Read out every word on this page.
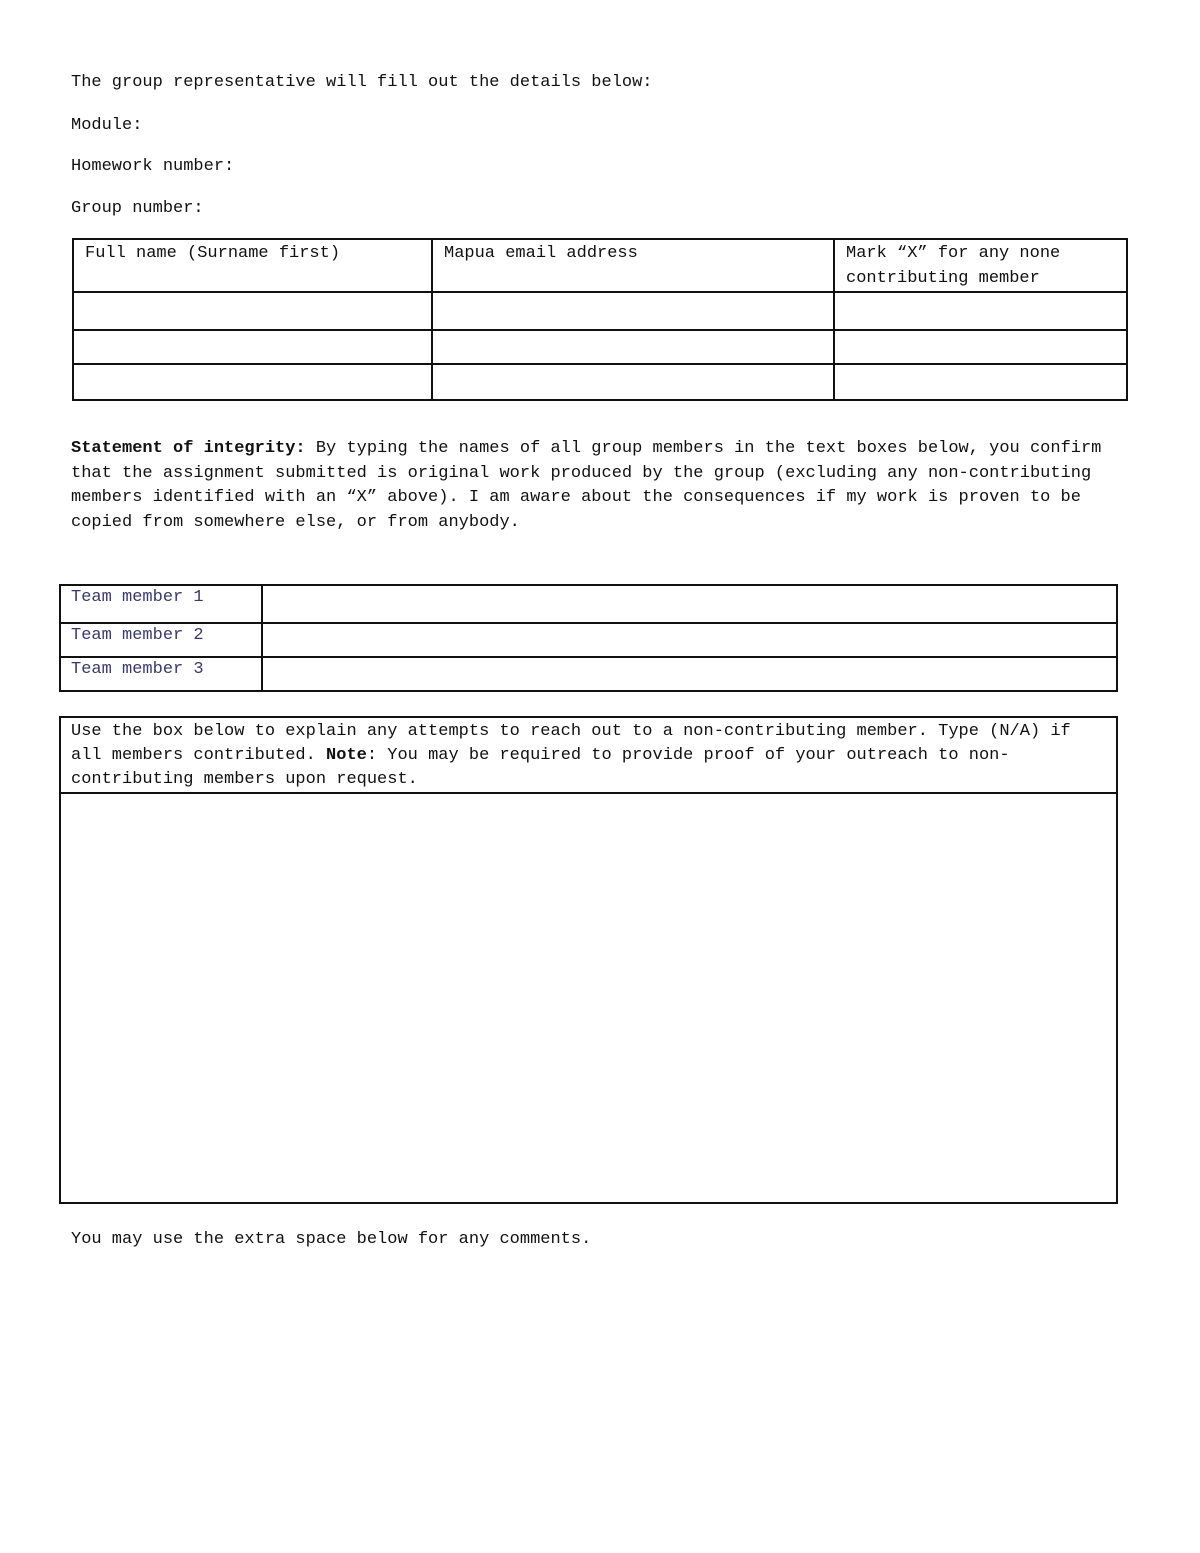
The group representative will fill out the details below:
Module:
Homework number:
Group number:
Full name (Surname first)	Mapua email address	Mark “X” for any none contributing member

Statement of integrity: By typing the names of all group members in the text boxes below, you confirm that the assignment submitted is original work produced by the group (excluding any non-contributing members identified with an “X” above). I am aware about the consequences if my work is proven to be copied from somewhere else, or from anybody.
Team member 1	
Team member 2	
Team member 3	
Use the box below to explain any attempts to reach out to a non-contributing member. Type (N/A) if all members contributed. Note: You may be required to provide proof of your outreach to non-contributing members upon request.

You may use the extra space below for any comments.
